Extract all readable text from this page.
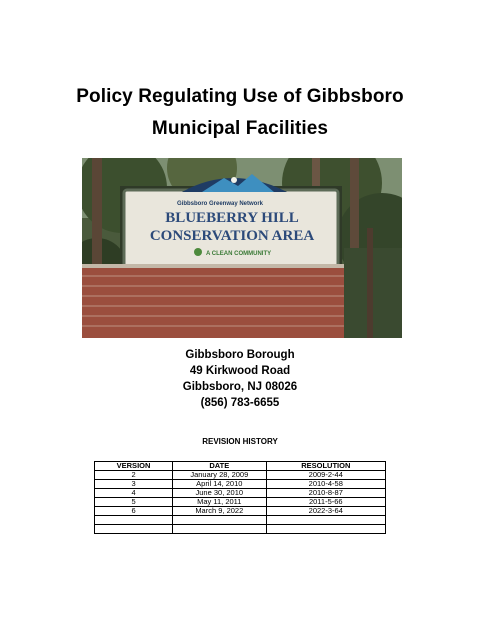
Policy Regulating Use of Gibbsboro
Municipal Facilities
Gibbsboro Greenway Network
BLUEBERRY HILL
CONSERVATION AREA
A CLEAN COMMUNITY
Gibbsboro Borough
49 Kirkwood Road
Gibbsboro, NJ 08026
(856) 783-6655
REVISION HISTORY
VERSION	DATE	RESOLUTION
2	January 28, 2009	2009-2-44
3	April 14, 2010	2010-4-58
4	June 30, 2010	2010-8-87
5	May 11, 2011	2011-5-66
6	March 9, 2022	2022-3-64
